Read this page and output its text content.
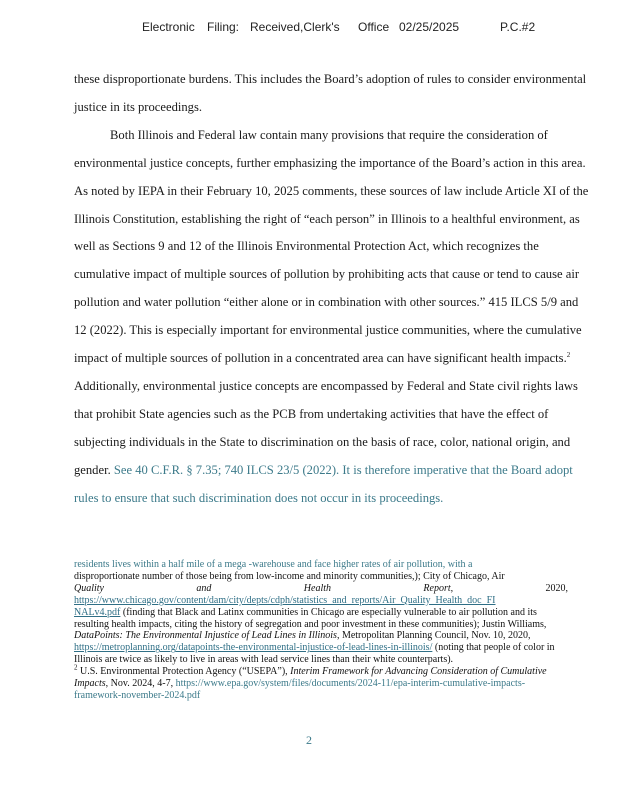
Electronic Filing: Received,Clerk's Office 02/25/2025	P.C.#2

these disproportionate burdens. This includes the Board’s adoption of rules to consider environmental justice in its proceedings.

Both Illinois and Federal law contain many provisions that require the consideration of environmental justice concepts, further emphasizing the importance of the Board’s action in this area. As noted by IEPA in their February 10, 2025 comments, these sources of law include Article XI of the Illinois Constitution, establishing the right of “each person” in Illinois to a healthful environment, as well as Sections 9 and 12 of the Illinois Environmental Protection Act, which recognizes the cumulative impact of multiple sources of pollution by prohibiting acts that cause or tend to cause air pollution and water pollution “either alone or in combination with other sources.” 415 ILCS 5/9 and 12 (2022). This is especially important for environmental justice communities, where the cumulative impact of multiple sources of pollution in a concentrated area can have significant health impacts.$^2$ Additionally, environmental justice concepts are encompassed by Federal and State civil rights laws that prohibit State agencies such as the PCB from undertaking activities that have the effect of subjecting individuals in the State to discrimination on the basis of race, color, national origin, and gender. See 40 C.F.R. § 7.35; 740 ILCS 23/5 (2022). It is therefore imperative that the Board adopt rules to ensure that such discrimination does not occur in its proceedings.

residents lives within a half mile of a mega -warehouse and face higher rates of air pollution, with a

disproportionate number of those being from low-income and minority communities,); City of Chicago, Air

Quality	and	Health	Report,	2020,

https://www.chicago.gov/content/dam/city/depts/cdph/statistics_and_reports/Air_Quality_Health_doc_FI

NALv4.pdf (finding that Black and Latinx communities in Chicago are especially vulnerable to air pollution and its resulting health impacts, citing the history of segregation and poor investment in these communities); Justin Williams, DataPoints: The Environmental Injustice of Lead Lines in Illinois, Metropolitan Planning Council, Nov. 10, 2020, https://metroplanning.org/datapoints-the-environmental-injustice-of-lead-lines-in-illinois/ (noting that people of color in Illinois are twice as likely to live in areas with lead service lines than their white counterparts).

$^2$ U.S. Environmental Protection Agency (“USEPA”), Interim Framework for Advancing Consideration of Cumulative Impacts, Nov. 2024, 4-7, https://www.epa.gov/system/files/documents/2024-11/epa-interim-cumulative-impacts-framework-november-2024.pdf

2
